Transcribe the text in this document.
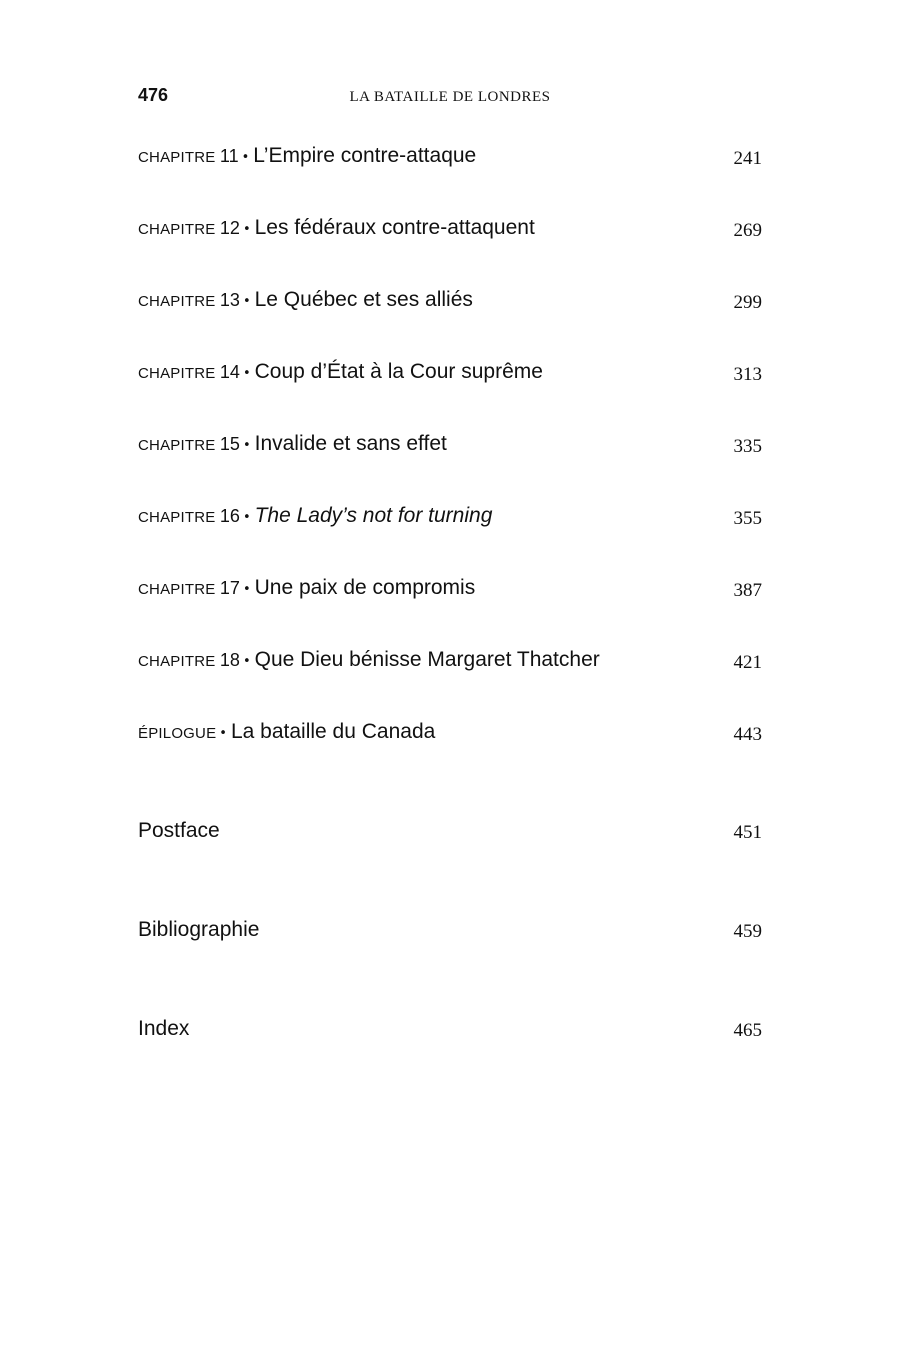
476	LA BATAILLE DE LONDRES
CHAPITRE 11 • L’Empire contre-attaque	241
CHAPITRE 12 • Les fédéraux contre-attaquent	269
CHAPITRE 13 • Le Québec et ses alliés	299
CHAPITRE 14 • Coup d’État à la Cour suprême	313
CHAPITRE 15 • Invalide et sans effet	335
CHAPITRE 16 • The Lady’s not for turning	355
CHAPITRE 17 • Une paix de compromis	387
CHAPITRE 18 • Que Dieu bénisse Margaret Thatcher	421
ÉPILOGUE • La bataille du Canada	443
Postface	451
Bibliographie	459
Index	465
